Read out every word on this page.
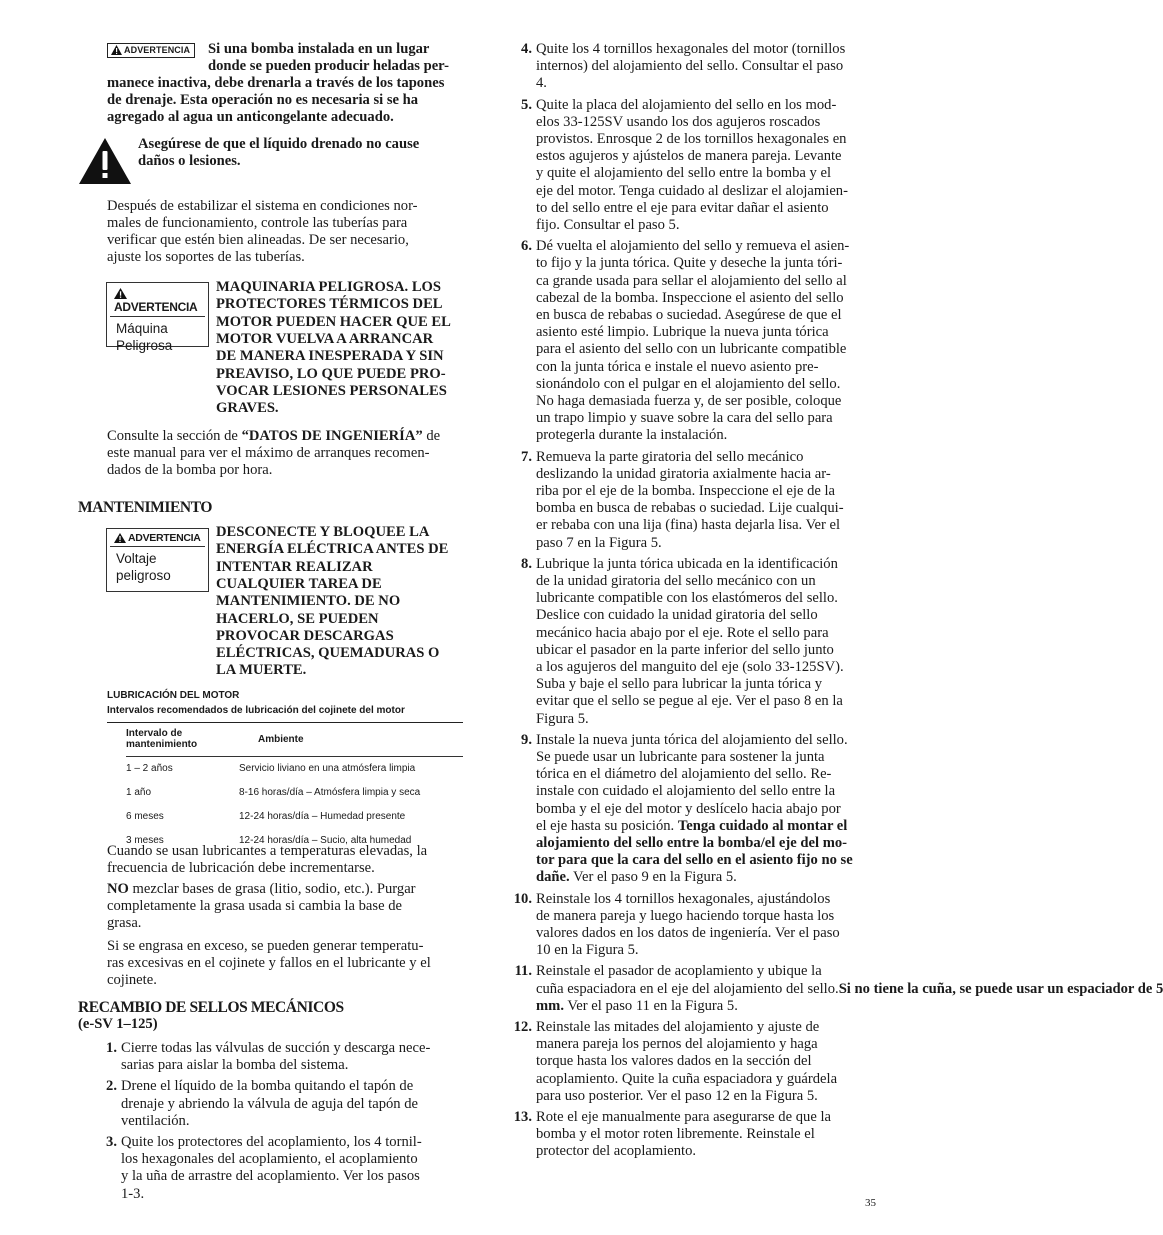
ADVERTENCIA	Si una bomba instalada en un lugar

donde se pueden producir heladas per-

manece inactiva, debe drenarla a través de los tapones

de drenaje. Esta operación no es necesaria si se ha

agregado al agua un anticongelante adecuado.

Asegúrese de que el líquido drenado no cause

daños o lesiones.

Después de estabilizar el sistema en condiciones nor-

males de funcionamiento, controle las tuberías para

verificar que estén bien alineadas. De ser necesario,

ajuste los soportes de las tuberías.

ADVERTENCIA
Máquina
Peligrosa
MAQUINARIA PELIGROSA. LOS
PROTECTORES TÉRMICOS DEL
MOTOR PUEDEN HACER QUE EL
MOTOR VUELVA A ARRANCAR
DE MANERA INESPERADA Y SIN
PREAVISO, LO QUE PUEDE PRO-
VOCAR LESIONES PERSONALES
GRAVES.

Consulte la sección de “DATOS DE INGENIERÍA” de

este manual para ver el máximo de arranques recomen-

dados de la bomba por hora.

MANTENIMIENTO
ADVERTENCIA
Voltaje
peligroso
DESCONECTE Y BLOQUEE LA
ENERGÍA ELÉCTRICA ANTES DE
INTENTAR REALIZAR
CUALQUIER TAREA DE
MANTENIMIENTO. DE NO
HACERLO, SE PUEDEN
PROVOCAR DESCARGAS
ELÉCTRICAS, QUEMADURAS O
LA MUERTE.
LUBRICACIÓN DEL MOTOR
Intervalos recomendados de lubricación del cojinete del motor
Intervalo de mantenimiento	Ambiente
1 – 2 años	Servicio liviano en una atmósfera limpia
1 año	8-16 horas/día – Atmósfera limpia y seca
6 meses	12-24 horas/día – Humedad presente
3 meses	12-24 horas/día – Sucio, alta humedad

Cuando se usan lubricantes a temperaturas elevadas, la

frecuencia de lubricación debe incrementarse.

NO mezclar bases de grasa (litio, sodio, etc.). Purgar

completamente la grasa usada si cambia la base de

grasa.

Si se engrasa en exceso, se pueden generar temperatu-

ras excesivas en el cojinete y fallos en el lubricante y el

cojinete.

RECAMBIO DE SELLOS MECÁNICOS

(e-SV 1–125)

1. Cierre todas las válvulas de succión y descarga nece-
sarias para aislar la bomba del sistema.
2. Drene el líquido de la bomba quitando el tapón de
drenaje y abriendo la válvula de aguja del tapón de
ventilación.
3. Quite los protectores del acoplamiento, los 4 tornil-
los hexagonales del acoplamiento, el acoplamiento
y la uña de arrastre del acoplamiento. Ver los pasos
1-3.
4. Quite los 4 tornillos hexagonales del motor (tornillos
internos) del alojamiento del sello. Consultar el paso
4.
5. Quite la placa del alojamiento del sello en los mod-
elos 33-125SV usando los dos agujeros roscados
provistos. Enrosque 2 de los tornillos hexagonales en
estos agujeros y ajústelos de manera pareja. Levante
y quite el alojamiento del sello entre la bomba y el
eje del motor. Tenga cuidado al deslizar el alojamien-
to del sello entre el eje para evitar dañar el asiento
fijo. Consultar el paso 5.
6. Dé vuelta el alojamiento del sello y remueva el asien-
to fijo y la junta tórica. Quite y deseche la junta tóri-
ca grande usada para sellar el alojamiento del sello al
cabezal de la bomba. Inspeccione el asiento del sello
en busca de rebabas o suciedad. Asegúrese de que el
asiento esté limpio. Lubrique la nueva junta tórica
para el asiento del sello con un lubricante compatible
con la junta tórica e instale el nuevo asiento pre-
sionándolo con el pulgar en el alojamiento del sello.
No haga demasiada fuerza y, de ser posible, coloque
un trapo limpio y suave sobre la cara del sello para
protegerla durante la instalación.
7. Remueva la parte giratoria del sello mecánico
deslizando la unidad giratoria axialmente hacia ar-
riba por el eje de la bomba. Inspeccione el eje de la
bomba en busca de rebabas o suciedad. Lije cualqui-
er rebaba con una lija (fina) hasta dejarla lisa. Ver el
paso 7 en la Figura 5.
8. Lubrique la junta tórica ubicada en la identificación
de la unidad giratoria del sello mecánico con un
lubricante compatible con los elastómeros del sello.
Deslice con cuidado la unidad giratoria del sello
mecánico hacia abajo por el eje. Rote el sello para
ubicar el pasador en la parte inferior del sello junto
a los agujeros del manguito del eje (solo 33-125SV).
Suba y baje el sello para lubricar la junta tórica y
evitar que el sello se pegue al eje. Ver el paso 8 en la
Figura 5.
9. Instale la nueva junta tórica del alojamiento del sello.
Se puede usar un lubricante para sostener la junta
tórica en el diámetro del alojamiento del sello. Re-
instale con cuidado el alojamiento del sello entre la
bomba y el eje del motor y deslícelo hacia abajo por
el eje hasta su posición. Tenga cuidado al montar el
alojamiento del sello entre la bomba/el eje del mo-
tor para que la cara del sello en el asiento fijo no se
dañe. Ver el paso 9 en la Figura 5.
10. Reinstale los 4 tornillos hexagonales, ajustándolos
de manera pareja y luego haciendo torque hasta los
valores dados en los datos de ingeniería. Ver el paso
10 en la Figura 5.
11. Reinstale el pasador de acoplamiento y ubique la
cuña espaciadora en el eje del alojamiento del sello.Si no tiene la cuña, se puede usar un espaciador de 5
mm. Ver el paso 11 en la Figura 5.
12. Reinstale las mitades del alojamiento y ajuste de
manera pareja los pernos del alojamiento y haga
torque hasta los valores dados en la sección del
acoplamiento. Quite la cuña espaciadora y guárdela
para uso posterior. Ver el paso 12 en la Figura 5.
13. Rote el eje manualmente para asegurarse de que la
bomba y el motor roten libremente. Reinstale el
protector del acoplamiento.
35
